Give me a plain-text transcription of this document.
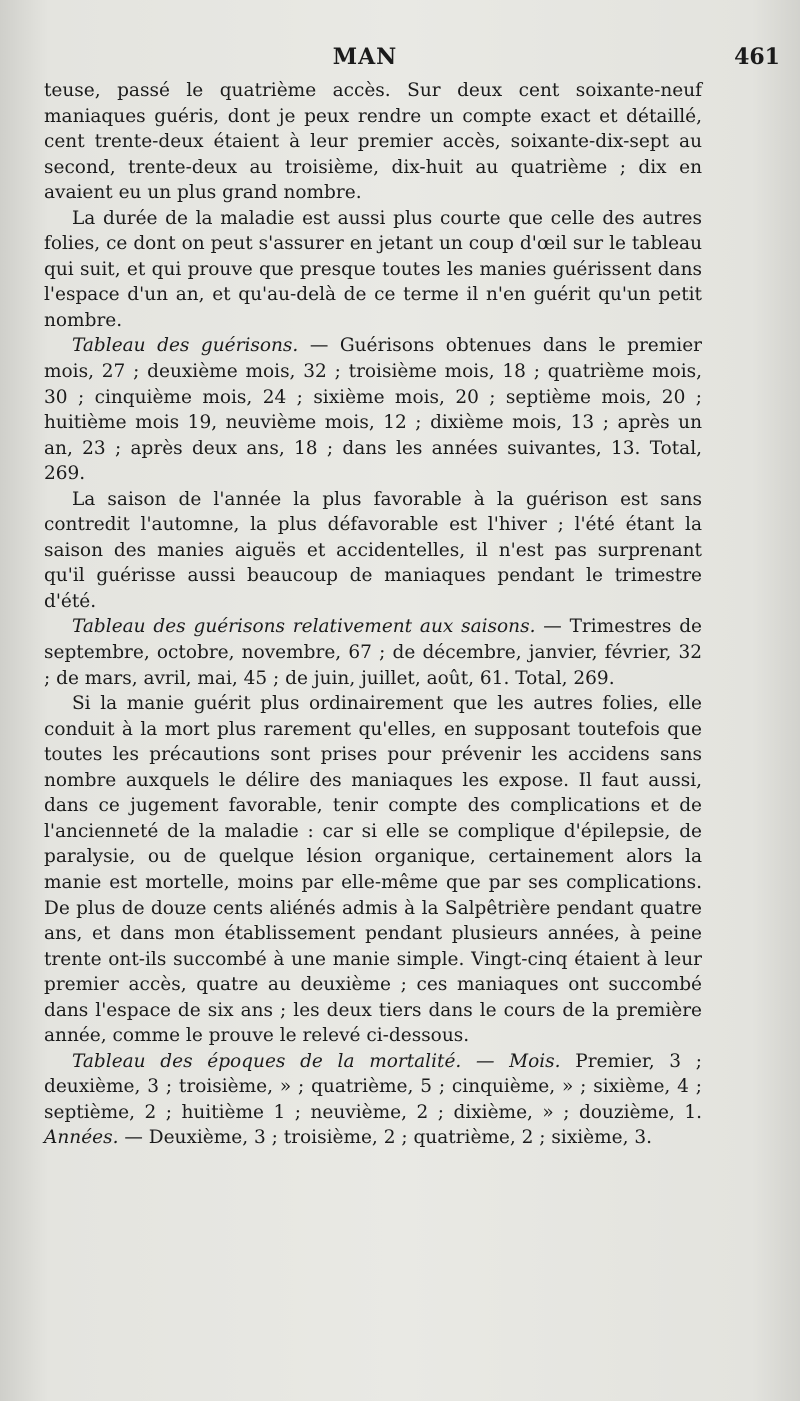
MAN	461

teuse, passé le quatrième accès. Sur deux cent soixante-neuf maniaques guéris, dont je peux rendre un compte exact et détaillé, cent trente-deux étaient à leur premier accès, soixante-dix-sept au second, trente-deux au troisième, dix-huit au quatrième ; dix en avaient eu un plus grand nombre.

La durée de la maladie est aussi plus courte que celle des autres folies, ce dont on peut s'assurer en jetant un coup d'œil sur le tableau qui suit, et qui prouve que presque toutes les manies guérissent dans l'espace d'un an, et qu'au-delà de ce terme il n'en guérit qu'un petit nombre.

Tableau des guérisons. — Guérisons obtenues dans le premier mois, 27 ; deuxième mois, 32 ; troisième mois, 18 ; quatrième mois, 30 ; cinquième mois, 24 ; sixième mois, 20 ; septième mois, 20 ; huitième mois 19, neuvième mois, 12 ; dixième mois, 13 ; après un an, 23 ; après deux ans, 18 ; dans les années suivantes, 13. Total, 269.

La saison de l'année la plus favorable à la guérison est sans contredit l'automne, la plus défavorable est l'hiver ; l'été étant la saison des manies aiguës et accidentelles, il n'est pas surprenant qu'il guérisse aussi beaucoup de maniaques pendant le trimestre d'été.

Tableau des guérisons relativement aux saisons. — Trimestres de septembre, octobre, novembre, 67 ; de décembre, janvier, février, 32 ; de mars, avril, mai, 45 ; de juin, juillet, août, 61. Total, 269.

Si la manie guérit plus ordinairement que les autres folies, elle conduit à la mort plus rarement qu'elles, en supposant toutefois que toutes les précautions sont prises pour prévenir les accidens sans nombre auxquels le délire des maniaques les expose. Il faut aussi, dans ce jugement favorable, tenir compte des complications et de l'ancienneté de la maladie : car si elle se complique d'épilepsie, de paralysie, ou de quelque lésion organique, certainement alors la manie est mortelle, moins par elle-même que par ses complications. De plus de douze cents aliénés admis à la Salpêtrière pendant quatre ans, et dans mon établissement pendant plusieurs années, à peine trente ont-ils succombé à une manie simple. Vingt-cinq étaient à leur premier accès, quatre au deuxième ; ces maniaques ont succombé dans l'espace de six ans ; les deux tiers dans le cours de la première année, comme le prouve le relevé ci-dessous.

Tableau des époques de la mortalité. — Mois. Premier, 3 ; deuxième, 3 ; troisième, » ; quatrième, 5 ; cinquième, » ; sixième, 4 ; septième, 2 ; huitième 1 ; neuvième, 2 ; dixième, » ; douzième, 1. Années. — Deuxième, 3 ; troisième, 2 ; quatrième, 2 ; sixième, 3.
